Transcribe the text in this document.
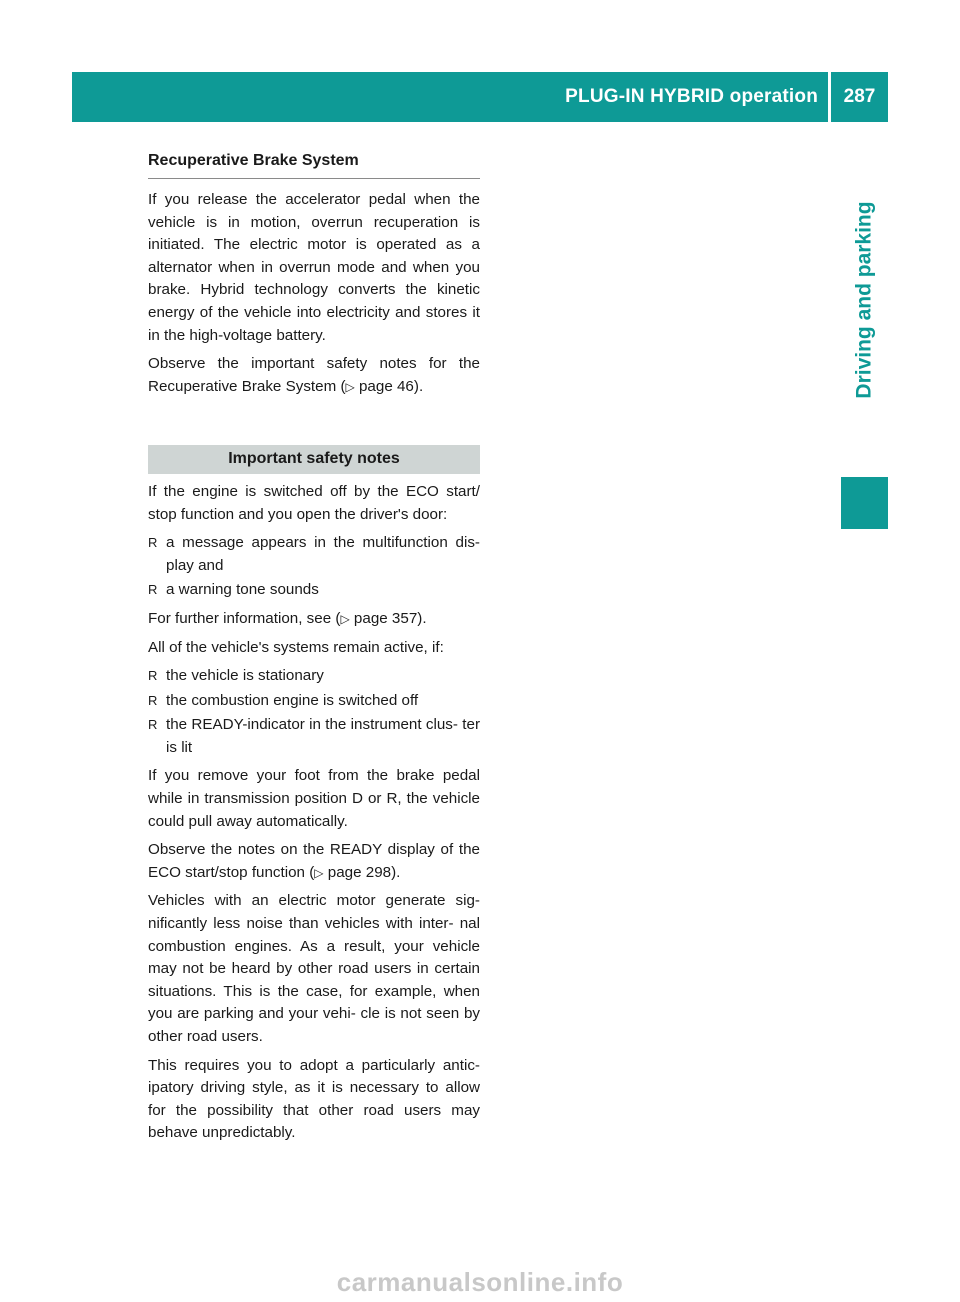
PLUG-IN HYBRID operation	287
Driving and parking
Recuperative Brake System

If you release the accelerator pedal when the vehicle is in motion, overrun recuperation is initiated. The electric motor is operated as a alternator when in overrun mode and when you brake. Hybrid technology converts the kinetic energy of the vehicle into electricity and stores it in the high-voltage battery.

Observe the important safety notes for the Recuperative Brake System (▷ page 46).

Important safety notes

If the engine is switched off by the ECO start/ stop function and you open the driver's door:

R a message appears in the multifunction dis- play and
R a warning tone sounds

For further information, see (▷ page 357).

All of the vehicle's systems remain active, if:

R the vehicle is stationary
R the combustion engine is switched off
R the READY-indicator in the instrument clus- ter is lit

If you remove your foot from the brake pedal while in transmission position D or R, the vehicle could pull away automatically.

Observe the notes on the READY display of the ECO start/stop function (▷ page 298).

Vehicles with an electric motor generate sig- nificantly less noise than vehicles with inter- nal combustion engines. As a result, your vehicle may not be heard by other road users in certain situations. This is the case, for example, when you are parking and your vehi- cle is not seen by other road users.

This requires you to adopt a particularly antic- ipatory driving style, as it is necessary to allow for the possibility that other road users may behave unpredictably.

carmanualsonline.info
